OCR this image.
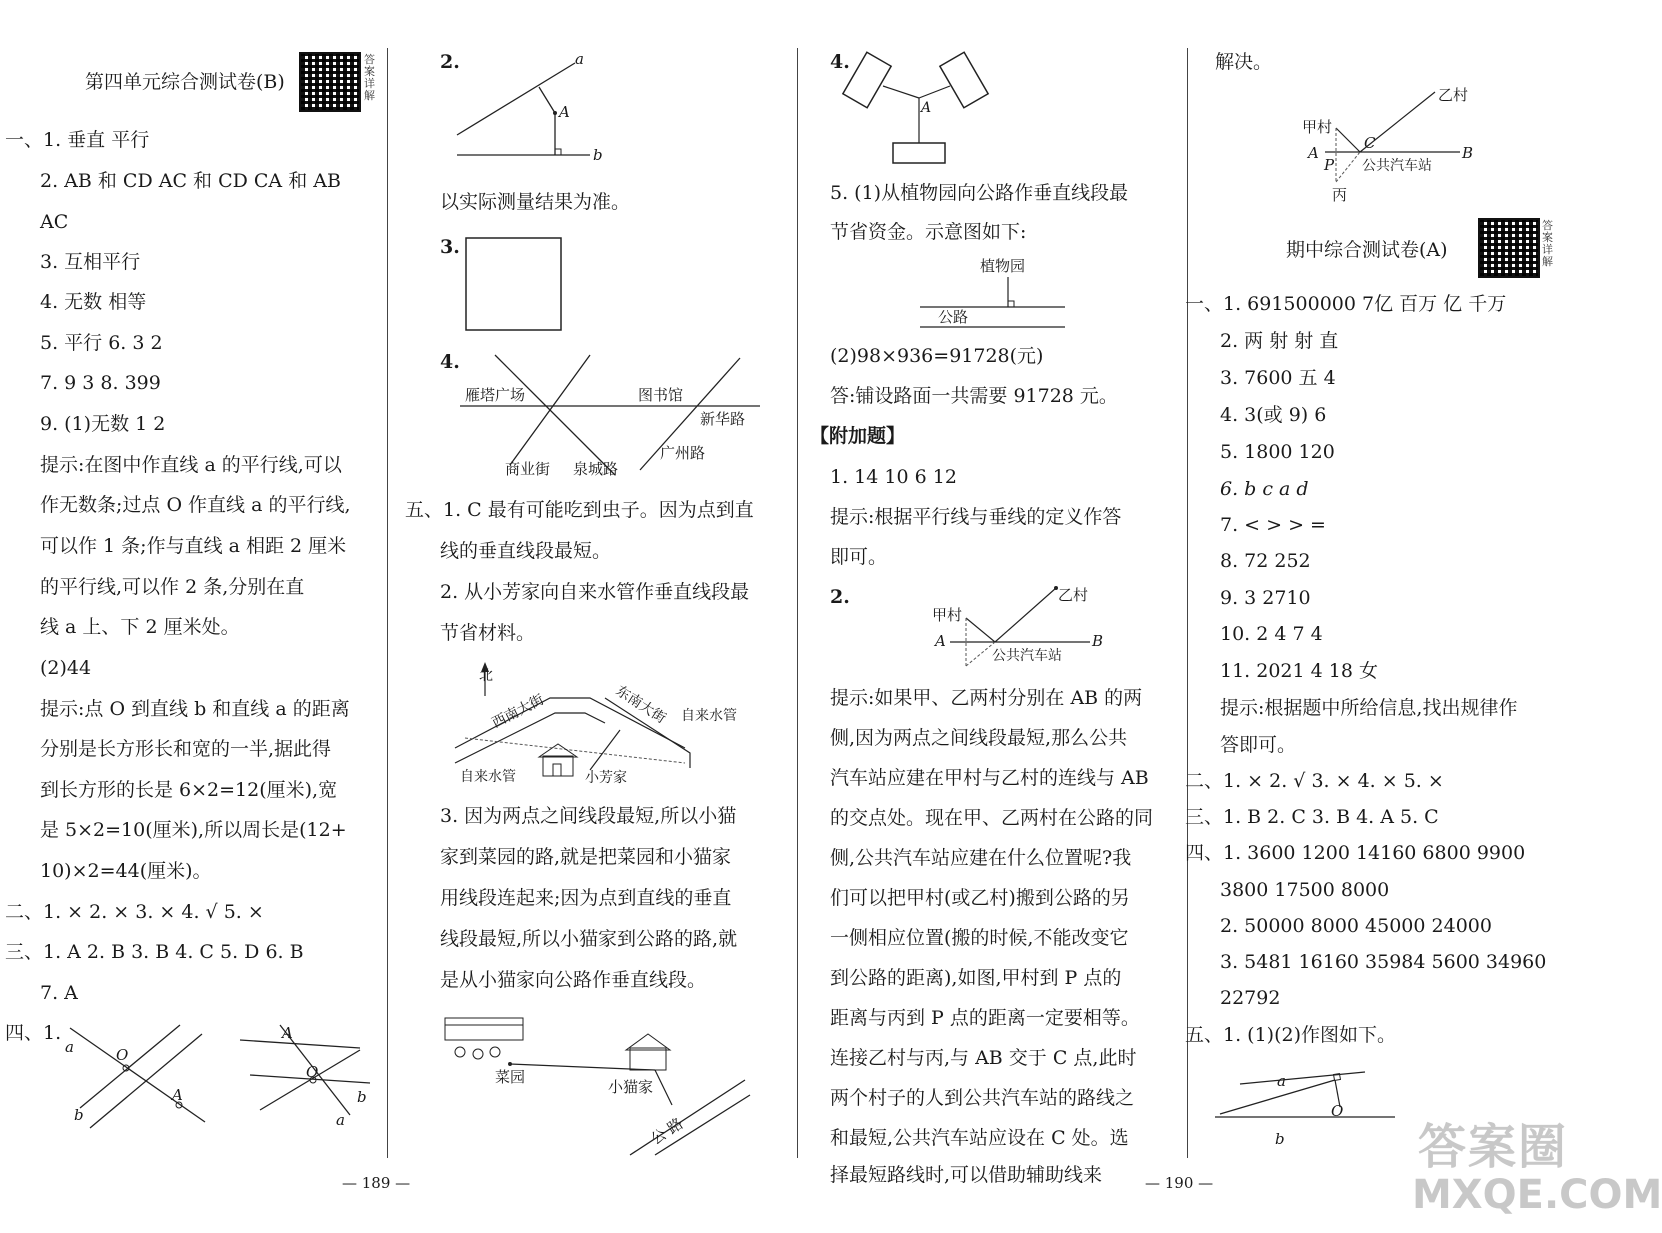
第四单元综合测试卷(B)
答案详解
一、1. 垂直 平行
2. AB 和 CD AC 和 CD CA 和 AB
AC
3. 互相平行
4. 无数 相等
5. 平行 6. 3 2
7. 9 3 8. 399
9. (1)无数 1 2
提示:在图中作直线 a 的平行线,可以
作无数条;过点 O 作直线 a 的平行线,
可以作 1 条;作与直线 a 相距 2 厘米
的平行线,可以作 2 条,分别在直
线 a 上、下 2 厘米处。
(2)44
提示:点 O 到直线 b 和直线 a 的距离
分别是长方形长和宽的一半,据此得
到长方形的长是 6×2=12(厘米),宽
是 5×2=10(厘米),所以周长是(12+
10)×2=44(厘米)。
二、1. × 2. × 3. × 4. √ 5. ×
三、1. A 2. B 3. B 4. C 5. D 6. B
7. A
四、1.
a	O
b
A
A
O
b
a
— 189 —
2.	a
A
b
以实际测量结果为准。
3.
4.
雁塔广场	图书馆
新华路
广州路
商业街 泉城路
五、1. C 最有可能吃到虫子。因为点到直
线的垂直线段最短。
2. 从小芳家向自来水管作垂直线段最
节省材料。
北
西南大街	东南大街 自来水管
自来水管	小芳家
3. 因为两点之间线段最短,所以小猫
家到菜园的路,就是把菜园和小猫家
用线段连起来;因为点到直线的垂直
线段最短,所以小猫家到公路的路,就
是从小猫家向公路作垂直线段。
菜园
小猫家
公 路
4.
A
5. (1)从植物园向公路作垂直线段最
节省资金。示意图如下:
植物园
公路
(2)98×936=91728(元)
答:铺设路面一共需要 91728 元。
【附加题】
1. 14 10 6 12
提示:根据平行线与垂线的定义作答
即可。
2.
甲村
乙村
A	B
公共汽车站
提示:如果甲、乙两村分别在 AB 的两
侧,因为两点之间线段最短,那么公共
汽车站应建在甲村与乙村的连线与 AB
的交点处。现在甲、乙两村在公路的同
侧,公共汽车站应建在什么位置呢?我
们可以把甲村(或乙村)搬到公路的另
一侧相应位置(搬的时候,不能改变它
到公路的距离),如图,甲村到 P 点的
距离与丙到 P 点的距离一定要相等。
连接乙村与丙,与 AB 交于 C 点,此时
两个村子的人到公共汽车站的路线之
和最短,公共汽车站应设在 C 处。选
择最短路线时,可以借助辅助线来	— 190 —
解决。
乙村
甲村
C
A
P 公共汽车站
B
丙
期中综合测试卷(A)
答案详解
一、1. 691500000 7亿 百万 亿 千万
2. 两 射 射 直
3. 7600 五 4
4. 3(或 9) 6
5. 1800 120
6. b c a d
7. < > > =
8. 72 252
9. 3 2710
10. 2 4 7 4
11. 2021 4 18 女
提示:根据题中所给信息,找出规律作
答即可。
二、1. × 2. √ 3. × 4. × 5. ×
三、1. B 2. C 3. B 4. A 5. C
四、1. 3600 1200 14160 6800 9900
3800 17500 8000
2. 50000 8000 45000 24000
3. 5481 16160 35984 5600 34960
22792
五、1. (1)(2)作图如下。
a
O
b	答案圈
MXQE.COM
